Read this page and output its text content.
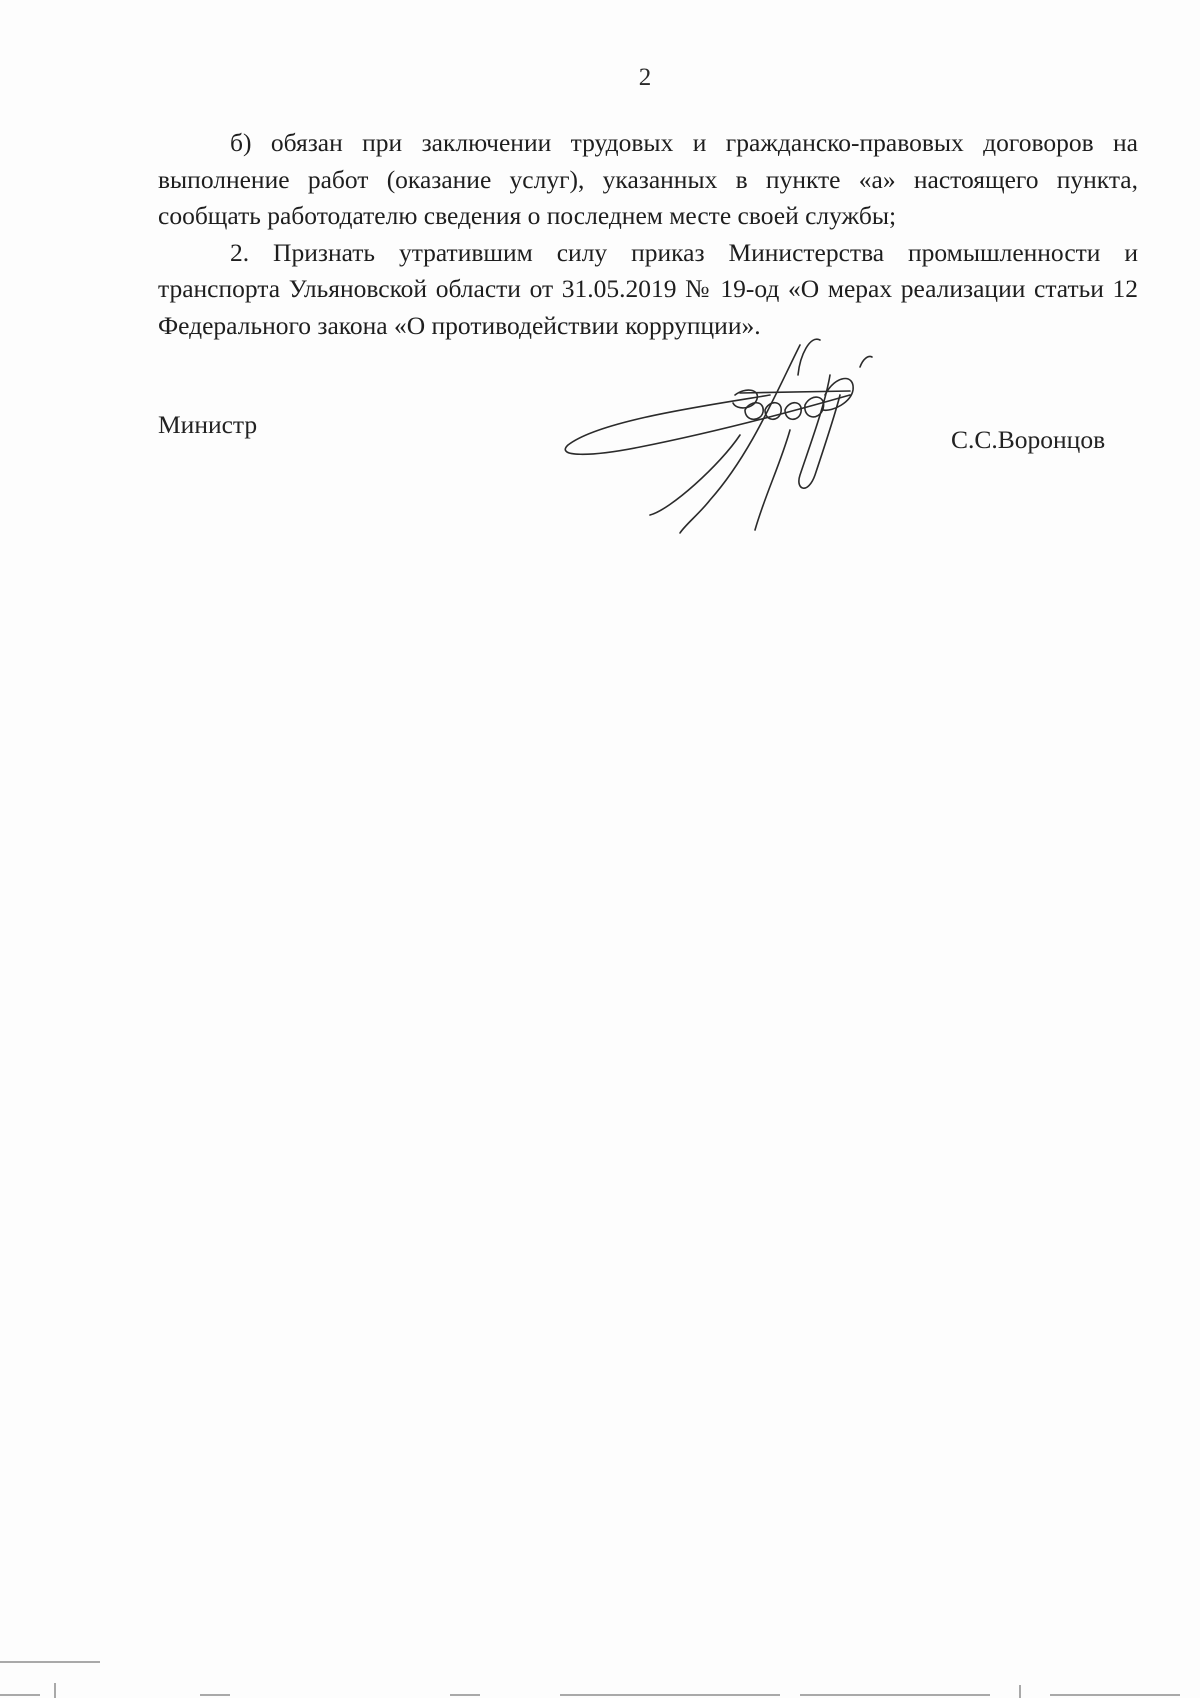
2

б) обязан при заключении трудовых и гражданско-правовых договоров на выполнение работ (оказание услуг), указанных в пункте «а» настоящего пункта, сообщать работодателю сведения о последнем месте своей службы;

2. Признать утратившим силу приказ Министерства промышленности и транспорта Ульяновской области от 31.05.2019 № 19-од «О мерах реализации статьи 12 Федерального закона «О противодействии коррупции».

Министр
С.С.Воронцов
